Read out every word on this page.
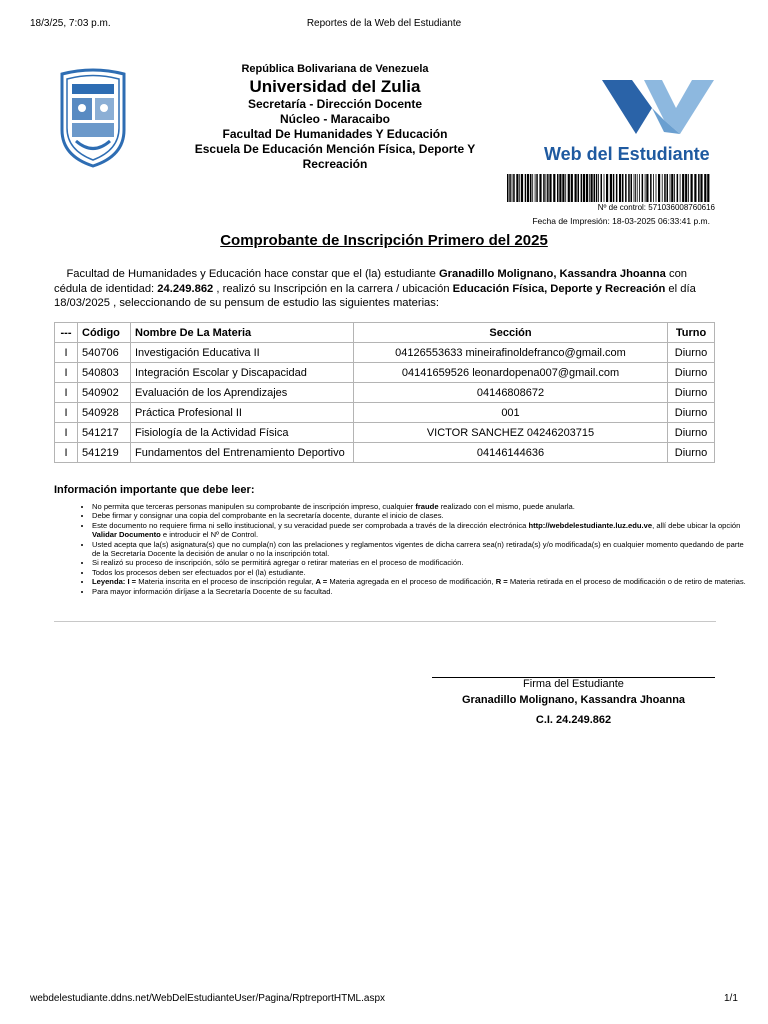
18/3/25, 7:03 p.m.	Reportes de la Web del Estudiante
República Bolivariana de Venezuela
Universidad del Zulia
Secretaría - Dirección Docente
Núcleo - Maracaibo
Facultad De Humanidades Y Educación
Escuela De Educación Mención Física, Deporte Y Recreación	Web del Estudiante
Nº de control: 571036008760616
Fecha de Impresión: 18-03-2025 06:33:41 p.m.
Comprobante de Inscripción Primero del 2025
Facultad de Humanidades y Educación hace constar que el (la) estudiante Granadillo Molignano, Kassandra Jhoanna con cédula de identidad: 24.249.862 , realizó su Inscripción en la carrera / ubicación Educación Física, Deporte y Recreación el día 18/03/2025 , seleccionando de su pensum de estudio las siguientes materias:
---	Código	Nombre De La Materia	Sección	Turno
I	540706	Investigación Educativa II	04126553633 mineirafinoldefranco@gmail.com	Diurno
I	540803	Integración Escolar y Discapacidad	04141659526 leonardopena007@gmail.com	Diurno
I	540902	Evaluación de los Aprendizajes	04146808672	Diurno
I	540928	Práctica Profesional II	001	Diurno
I	541217	Fisiología de la Actividad Física	VICTOR SANCHEZ 04246203715	Diurno
I	541219	Fundamentos del Entrenamiento Deportivo	04146144636	Diurno
Información importante que debe leer:
• No permita que terceras personas manipulen su comprobante de inscripción impreso, cualquier fraude realizado con el mismo, puede anularla.
• Debe firmar y consignar una copia del comprobante en la secretaría docente, durante el inicio de clases.
• Este documento no requiere firma ni sello institucional, y su veracidad puede ser comprobada a través de la dirección electrónica http://webdelestudiante.luz.edu.ve, allí debe ubicar la opción Validar Documento e introducir el Nº de Control.
• Usted acepta que la(s) asignatura(s) que no cumpla(n) con las prelaciones y reglamentos vigentes de dicha carrera sea(n) retirada(s) y/o modificada(s) en cualquier momento quedando de parte de la Secretaría Docente la decisión de anular o no la inscripción total.
• Si realizó su proceso de inscripción, sólo se permitirá agregar o retirar materias en el proceso de modificación.
• Todos los procesos deben ser efectuados por el (la) estudiante.
• Leyenda: I = Materia inscrita en el proceso de inscripción regular, A = Materia agregada en el proceso de modificación, R = Materia retirada en el proceso de modificación o de retiro de materias.
• Para mayor información diríjase a la Secretaría Docente de su facultad.
Firma del Estudiante
Granadillo Molignano, Kassandra Jhoanna
C.I. 24.249.862
webdelestudiante.ddns.net/WebDelEstudianteUser/Pagina/RptreportHTML.aspx	1/1
